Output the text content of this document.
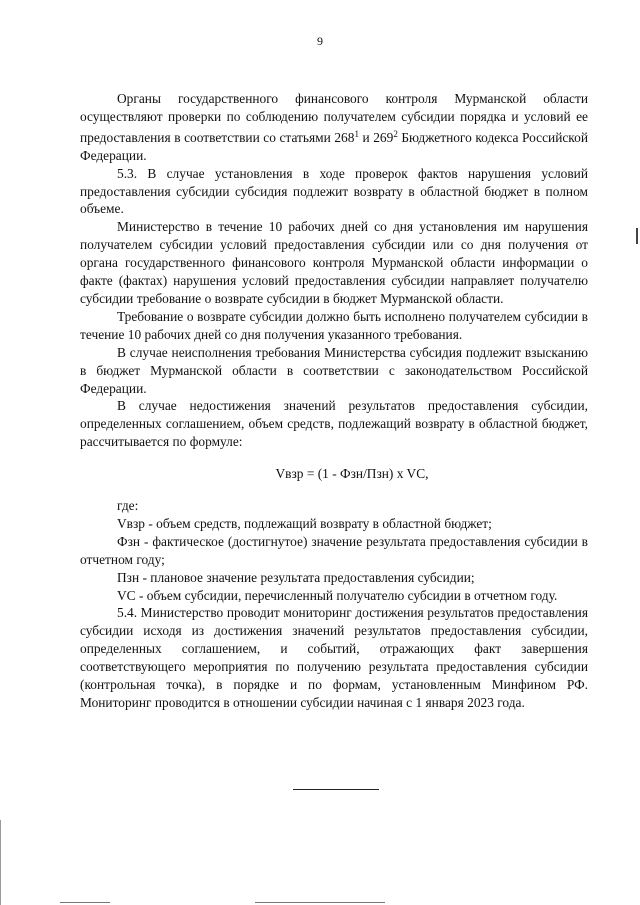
9

Органы государственного финансового контроля Мурманской области осуществляют проверки по соблюдению получателем субсидии порядка и условий ее предоставления в соответствии со статьями $268^1$ и $269^2$ Бюджетного кодекса Российской Федерации.

5.3. В случае установления в ходе проверок фактов нарушения условий предоставления субсидии субсидия подлежит возврату в областной бюджет в полном объеме.

Министерство в течение 10 рабочих дней со дня установления им нарушения получателем субсидии условий предоставления субсидии или со дня получения от органа государственного финансового контроля Мурманской области информации о факте (фактах) нарушения условий предоставления субсидии направляет получателю субсидии требование о возврате субсидии в бюджет Мурманской области.

Требование о возврате субсидии должно быть исполнено получателем субсидии в течение 10 рабочих дней со дня получения указанного требования.

В случае неисполнения требования Министерства субсидия подлежит взысканию в бюджет Мурманской области в соответствии с законодательством Российской Федерации.

В случае недостижения значений результатов предоставления субсидии, определенных соглашением, объем средств, подлежащий возврату в областной бюджет, рассчитывается по формуле:

Vвзр = (1 - Фзн/Пзн) x VC,

где:

Vвзр - объем средств, подлежащий возврату в областной бюджет;

Фзн - фактическое (достигнутое) значение результата предоставления субсидии в отчетном году;

Пзн - плановое значение результата предоставления субсидии;

VC - объем субсидии, перечисленный получателю субсидии в отчетном году.

5.4. Министерство проводит мониторинг достижения результатов предоставления субсидии исходя из достижения значений результатов предоставления субсидии, определенных соглашением, и событий, отражающих факт завершения соответствующего мероприятия по получению результата предоставления субсидии (контрольная точка), в порядке и по формам, установленным Минфином РФ. Мониторинг проводится в отношении субсидии начиная с 1 января 2023 года.
